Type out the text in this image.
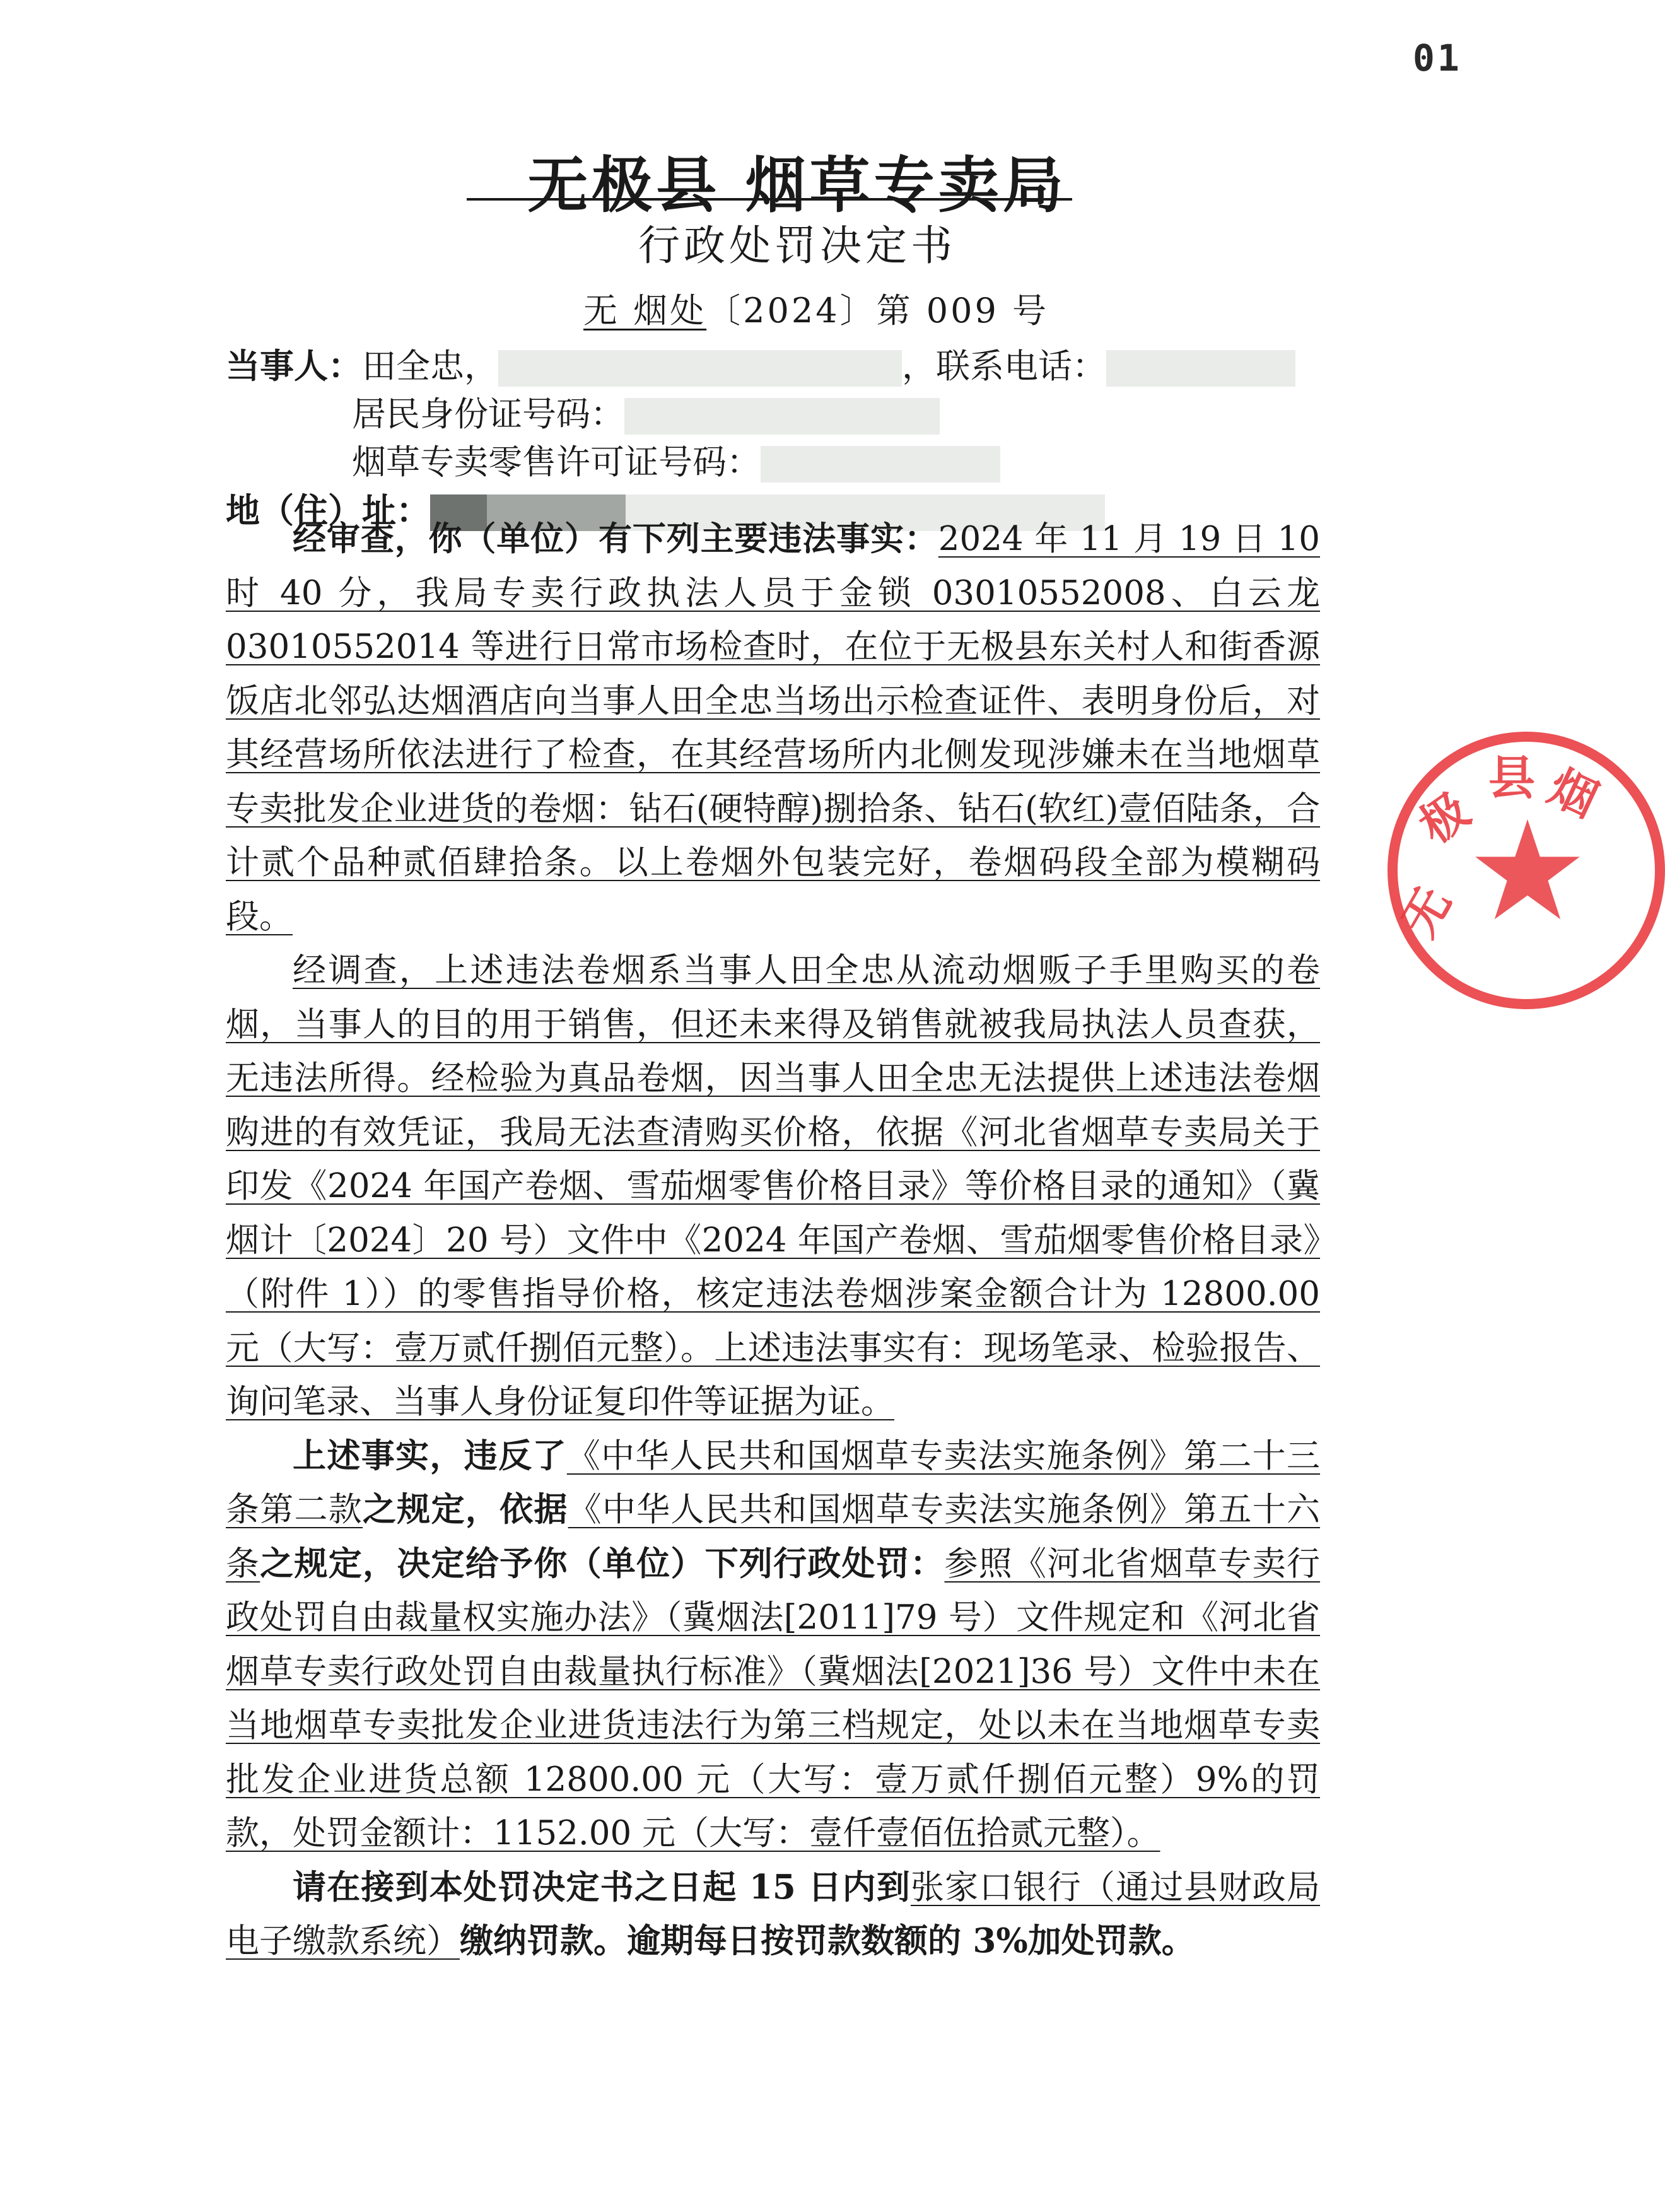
01
无极县 烟草专卖局
行政处罚决定书
无 烟处〔2024〕第 009 号
当事人：田全忠，	，联系电话：
居民身份证号码：
烟草专卖零售许可证号码：
地（住）址：

经审查，你（单位）有下列主要违法事实：2024 年 11 月 19 日 10 时 40 分，我局专卖行政执法人员于金锁 03010552008、白云龙 03010552014 等进行日常市场检查时，在位于无极县东关村人和街香源饭店北邻弘达烟酒店向当事人田全忠当场出示检查证件、表明身份后，对其经营场所依法进行了检查，在其经营场所内北侧发现涉嫌未在当地烟草专卖批发企业进货的卷烟：钻石(硬特醇)捌拾条、钻石(软红)壹佰陆条，合计贰个品种贰佰肆拾条。以上卷烟外包装完好，卷烟码段全部为模糊码段。

经调查，上述违法卷烟系当事人田全忠从流动烟贩子手里购买的卷烟，当事人的目的用于销售，但还未来得及销售就被我局执法人员查获，无违法所得。经检验为真品卷烟，因当事人田全忠无法提供上述违法卷烟购进的有效凭证，我局无法查清购买价格，依据《河北省烟草专卖局关于印发《2024 年国产卷烟、雪茄烟零售价格目录》等价格目录的通知》（冀烟计〔2024〕20 号）文件中《2024 年国产卷烟、雪茄烟零售价格目录》（附件 1））的零售指导价格，核定违法卷烟涉案金额合计为 12800.00 元（大写：壹万贰仟捌佰元整）。上述违法事实有：现场笔录、检验报告、询问笔录、当事人身份证复印件等证据为证。

上述事实，违反了《中华人民共和国烟草专卖法实施条例》第二十三条第二款之规定，依据《中华人民共和国烟草专卖法实施条例》第五十六条之规定，决定给予你（单位）下列行政处罚：参照《河北省烟草专卖行政处罚自由裁量权实施办法》（冀烟法[2011]79 号）文件规定和《河北省烟草专卖行政处罚自由裁量执行标准》（冀烟法[2021]36 号）文件中未在当地烟草专卖批发企业进货违法行为第三档规定，处以未在当地烟草专卖批发企业进货总额 12800.00 元（大写：壹万贰仟捌佰元整）9%的罚款，处罚金额计：1152.00 元（大写：壹仟壹佰伍拾贰元整）。

请在接到本处罚决定书之日起 15 日内到张家口银行（通过县财政局电子缴款系统）缴纳罚款。逾期每日按罚款数额的 3%加处罚款。

无
极
县 烟
